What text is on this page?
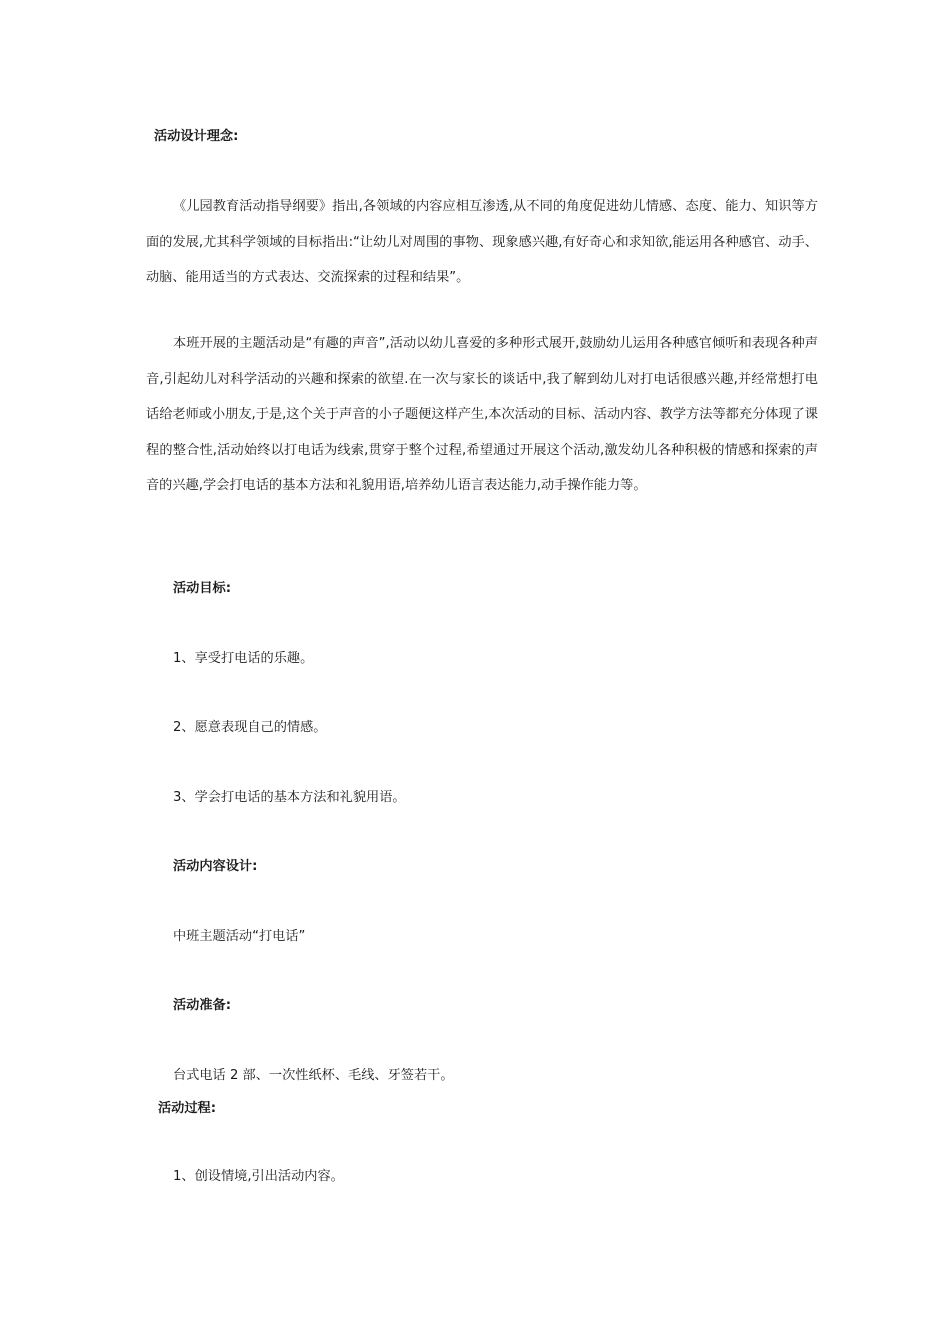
活动设计理念:
《儿园教育活动指导纲要》指出,各领域的内容应相互渗透,从不同的角度促进幼儿情感、态度、能力、知识等方面的发展,尤其科学领域的目标指出:“让幼儿对周围的事物、现象感兴趣,有好奇心和求知欲,能运用各种感官、动手、动脑、能用适当的方式表达、交流探索的过程和结果”。
本班开展的主题活动是“有趣的声音”,活动以幼儿喜爱的多种形式展开,鼓励幼儿运用各种感官倾听和表现各种声音,引起幼儿对科学活动的兴趣和探索的欲望.在一次与家长的谈话中,我了解到幼儿对打电话很感兴趣,并经常想打电话给老师或小朋友,于是,这个关于声音的小子题便这样产生,本次活动的目标、活动内容、教学方法等都充分体现了课程的整合性,活动始终以打电话为线索,贯穿于整个过程,希望通过开展这个活动,激发幼儿各种积极的情感和探索的声音的兴趣,学会打电话的基本方法和礼貌用语,培养幼儿语言表达能力,动手操作能力等。
活动目标:
1、享受打电话的乐趣。
2、愿意表现自己的情感。
3、学会打电话的基本方法和礼貌用语。
活动内容设计:
中班主题活动“打电话”
活动准备:
台式电话 2 部、一次性纸杯、毛线、牙签若干。
活动过程:
1、创设情境,引出活动内容。
